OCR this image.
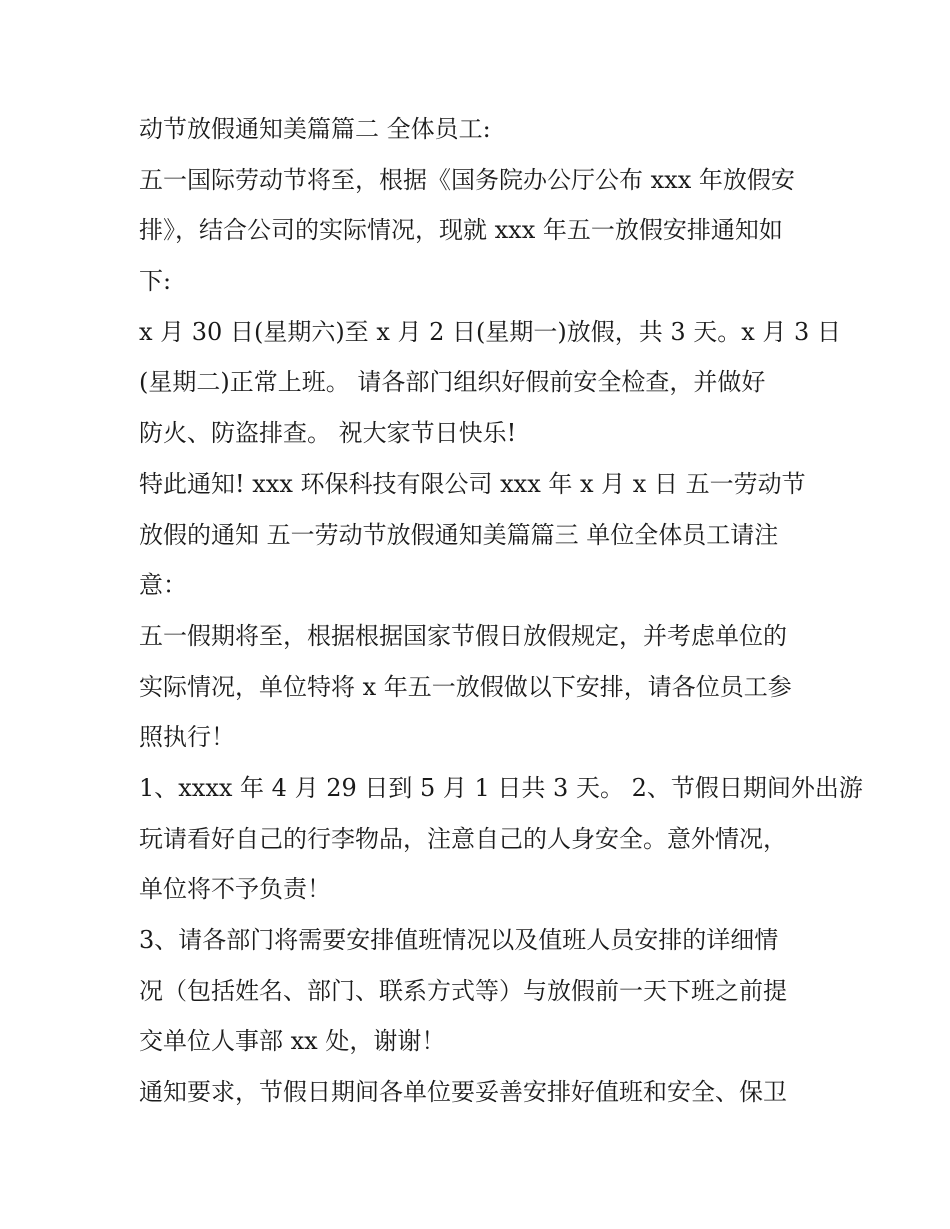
动节放假通知美篇篇二 全体员工:
五一国际劳动节将至，根据《国务院办公厅公布 xxx 年放假安
排》，结合公司的实际情况，现就 xxx 年五一放假安排通知如
下:
x 月 30 日(星期六)至 x 月 2 日(星期一)放假，共 3 天。x 月 3 日
(星期二)正常上班。 请各部门组织好假前安全检查，并做好
防火、防盗排查。 祝大家节日快乐!
特此通知! xxx 环保科技有限公司 xxx 年 x 月 x 日 五一劳动节
放假的通知 五一劳动节放假通知美篇篇三 单位全体员工请注
意：
五一假期将至，根据根据国家节假日放假规定，并考虑单位的
实际情况，单位特将 x 年五一放假做以下安排，请各位员工参
照执行！
1、xxxx 年 4 月 29 日到 5 月 1 日共 3 天。 2、节假日期间外出游
玩请看好自己的行李物品，注意自己的人身安全。意外情况，
单位将不予负责！
3、请各部门将需要安排值班情况以及值班人员安排的详细情
况（包括姓名、部门、联系方式等）与放假前一天下班之前提
交单位人事部 xx 处，谢谢！
通知要求，节假日期间各单位要妥善安排好值班和安全、保卫
